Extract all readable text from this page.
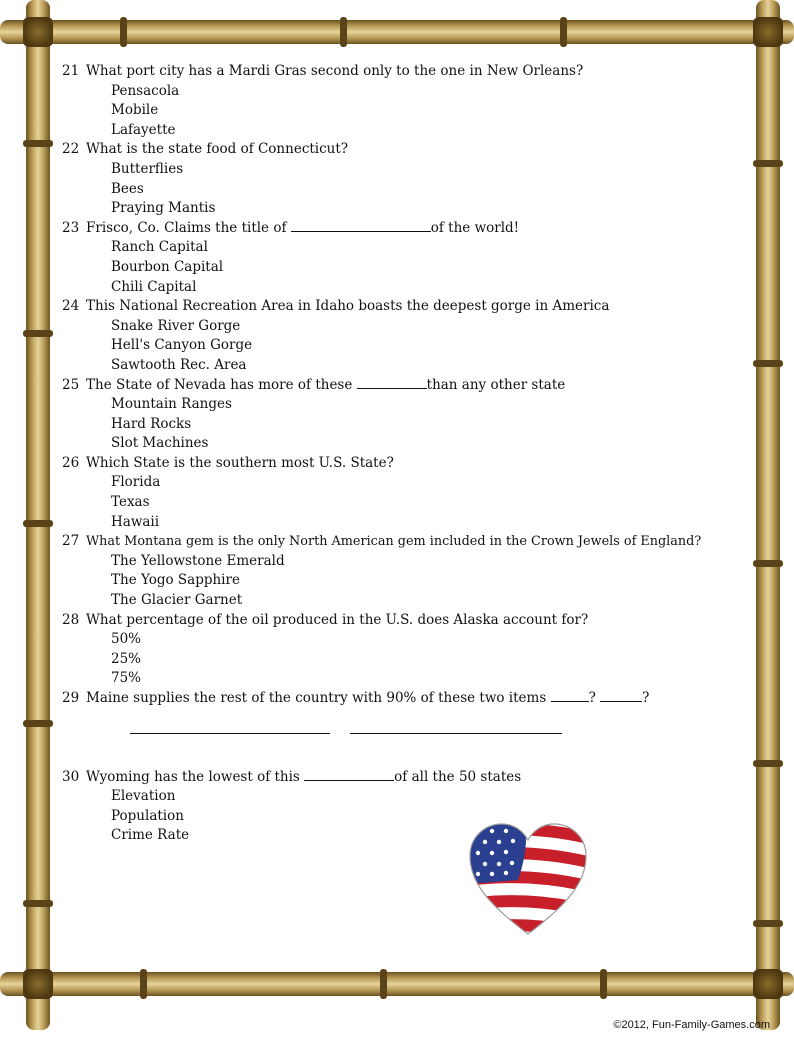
21 What port city has a Mardi Gras second only to the one in New Orleans?
Pensacola
Mobile
Lafayette
22 What is the state food of Connecticut?
Butterflies
Bees
Praying Mantis
23 Frisco, Co. Claims the title of	of the world!
Ranch Capital
Bourbon Capital
Chili Capital
24 This National Recreation Area in Idaho boasts the deepest gorge in America
Snake River Gorge
Hell's Canyon Gorge
Sawtooth Rec. Area
25 The State of Nevada has more of these	than any other state
Mountain Ranges
Hard Rocks
Slot Machines
26 Which State is the southern most U.S. State?
Florida
Texas
Hawaii
27 What Montana gem is the only North American gem included in the Crown Jewels of England?
The Yellowstone Emerald
The Yogo Sapphire
The Glacier Garnet
28 What percentage of the oil produced in the U.S. does Alaska account for?
50%
25%
75%
29 Maine supplies the rest of the country with 90% of these two items	?	?
30 Wyoming has the lowest of this	of all the 50 states
Elevation
Population
Crime Rate
©2012, Fun-Family-Games.com
